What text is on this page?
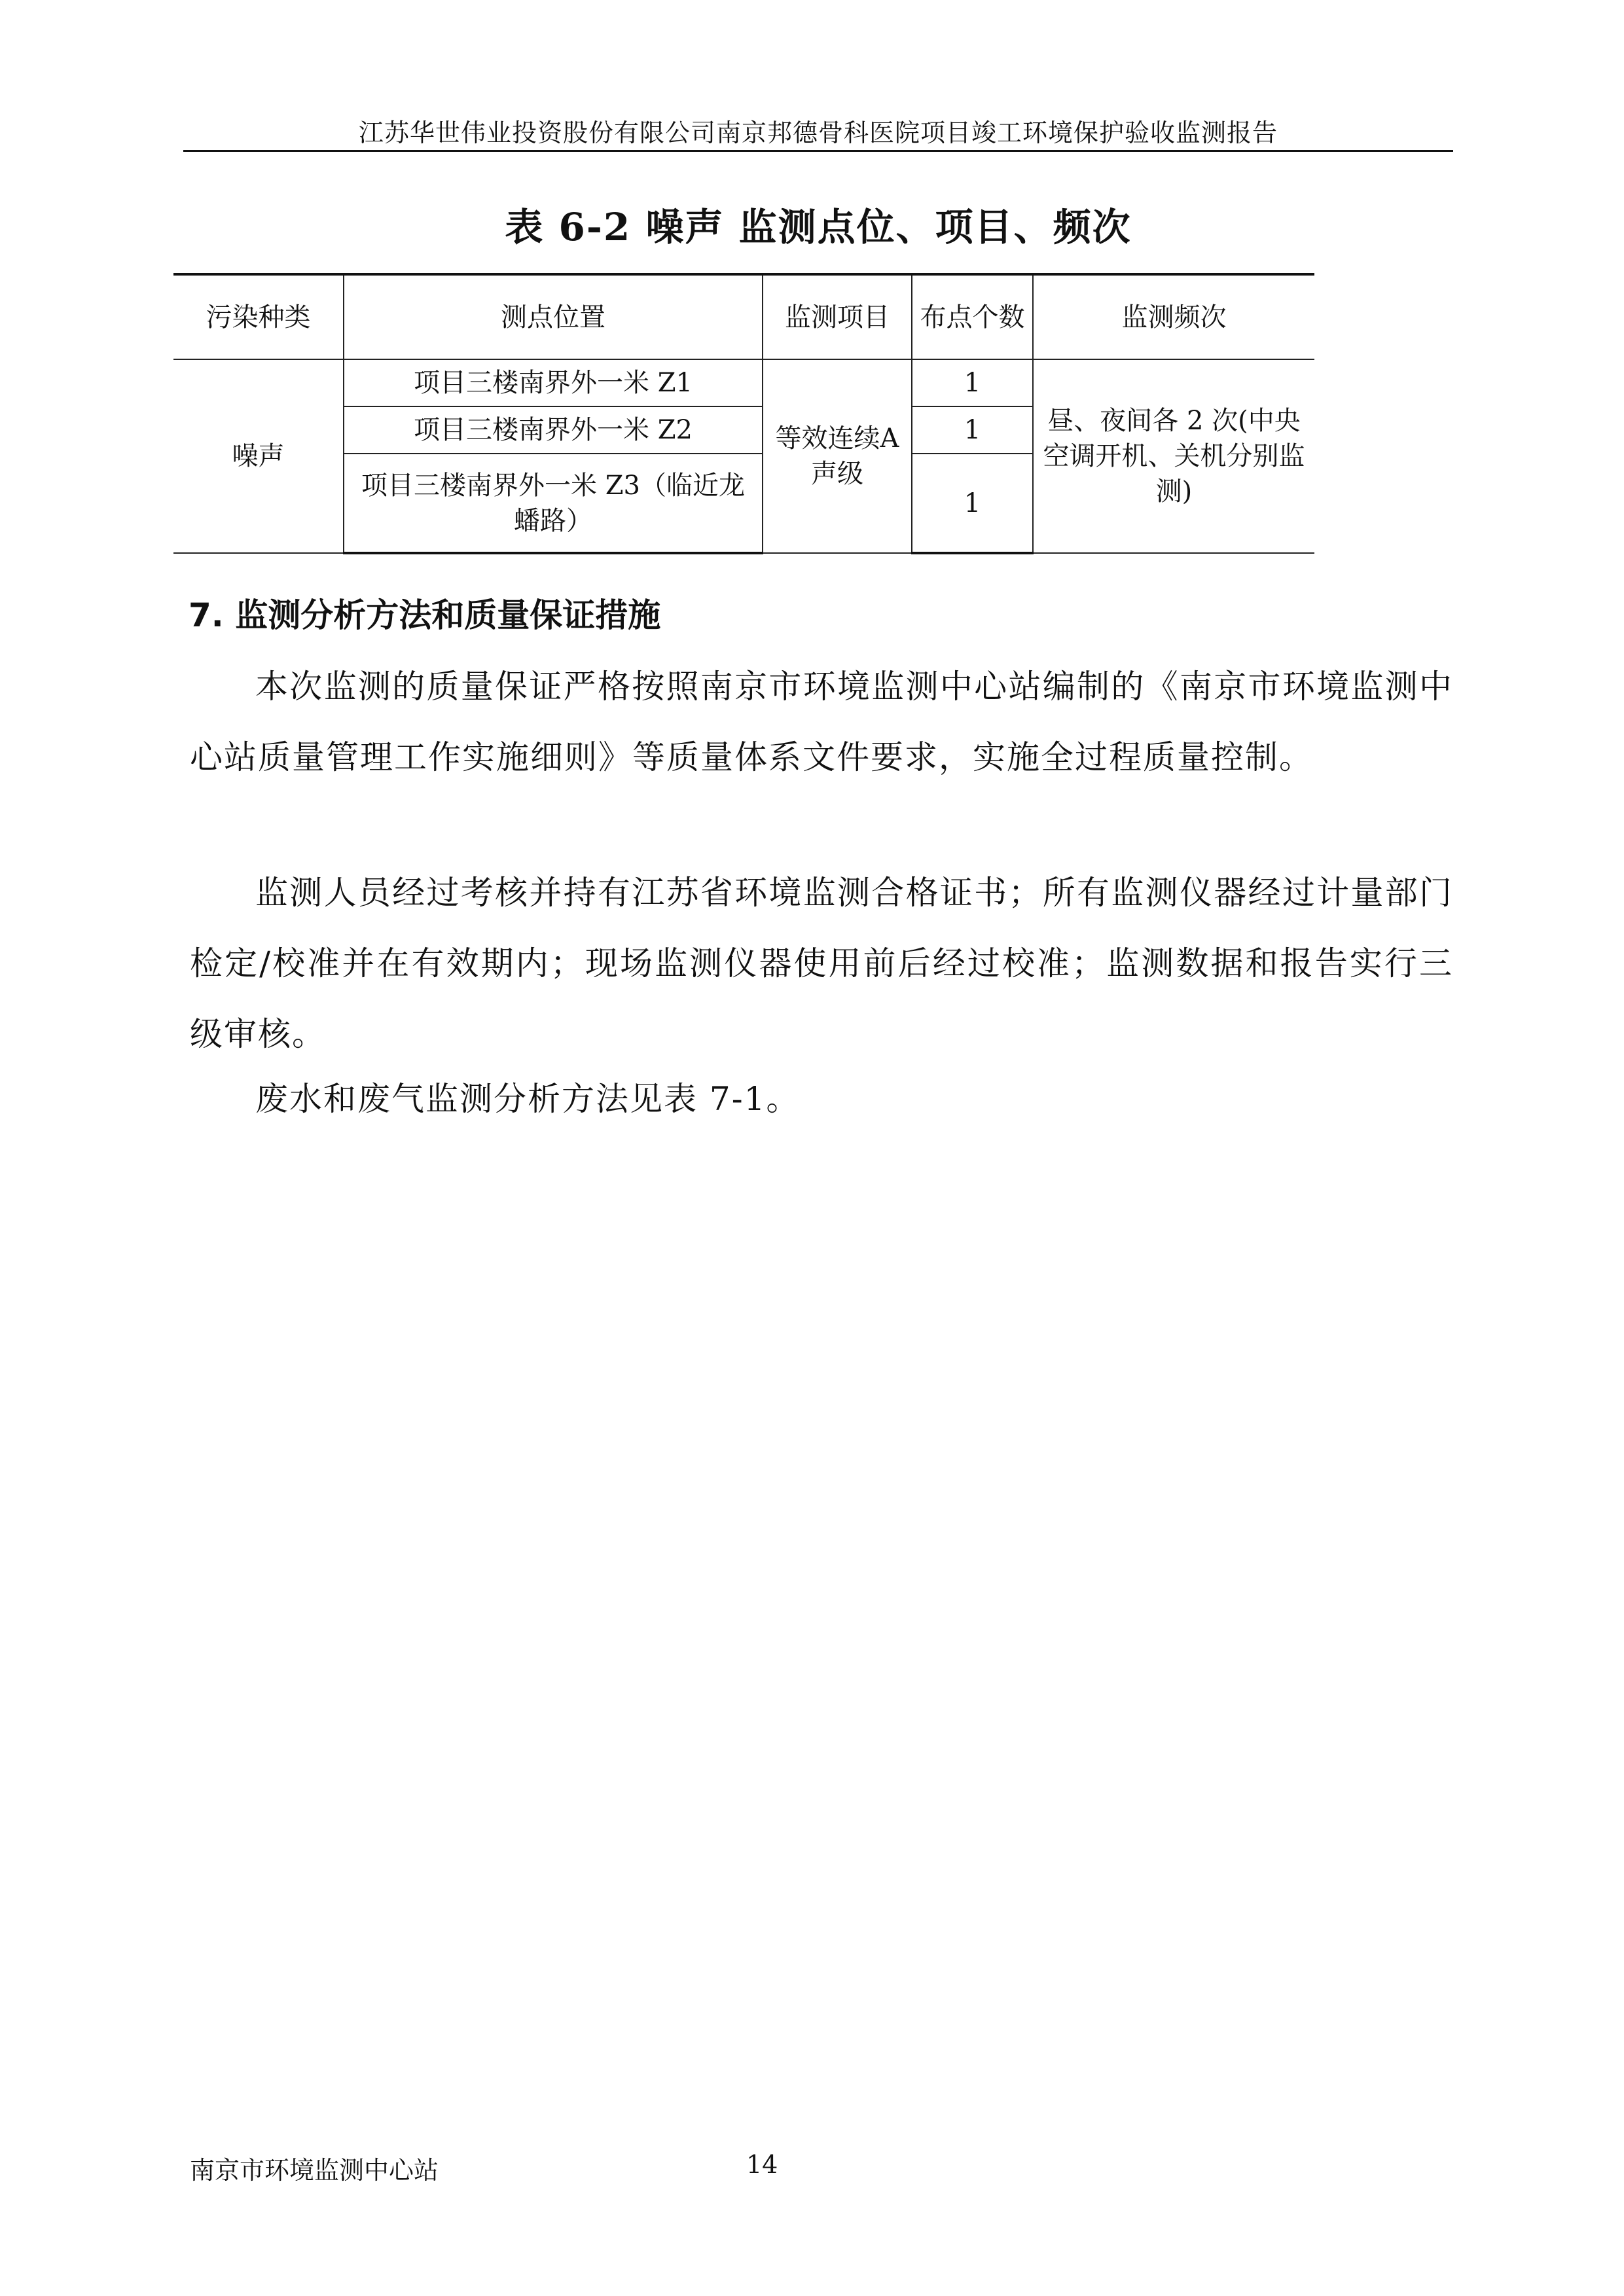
江苏华世伟业投资股份有限公司南京邦德骨科医院项目竣工环境保护验收监测报告
表 6-2 噪声 监测点位、项目、频次
污染种类	测点位置	监测项目	布点个数	监测频次
噪声	项目三楼南界外一米 Z1	等效连续A 声级	1	昼、夜间各 2 次(中央空调开机、关机分别监测)
	项目三楼南界外一米 Z2		1	
	项目三楼南界外一米 Z3（临近龙蟠路）		1	
7. 监测分析方法和质量保证措施
本次监测的质量保证严格按照南京市环境监测中心站编制的《南京市环境监测中心站质量管理工作实施细则》等质量体系文件要求，实施全过程质量控制。
监测人员经过考核并持有江苏省环境监测合格证书；所有监测仪器经过计量部门检定/校准并在有效期内；现场监测仪器使用前后经过校准；监测数据和报告实行三级审核。
废水和废气监测分析方法见表 7-1。
南京市环境监测中心站	14
